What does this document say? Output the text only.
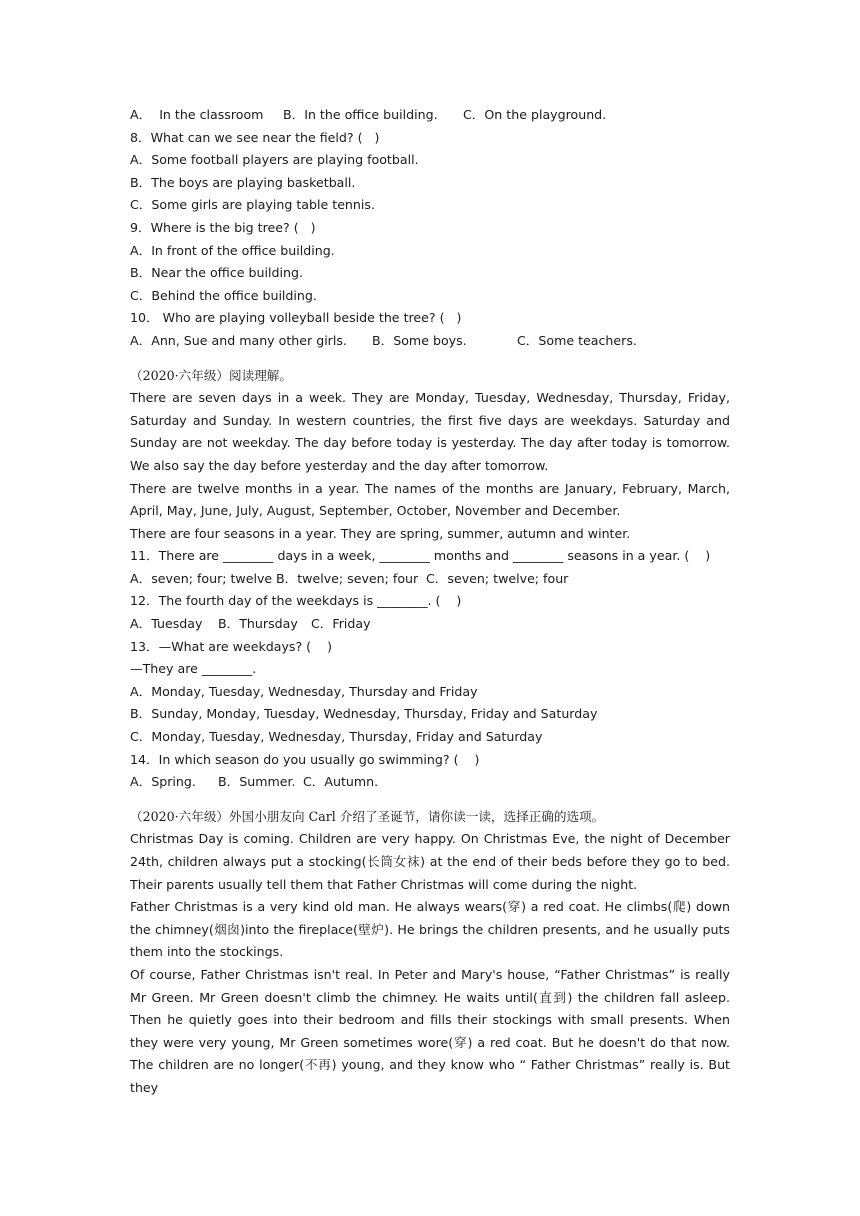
A．  In the classroom B．In the office building. C．On the playground.
8．What can we see near the field? (   )
A．Some football players are playing football.
B．The boys are playing basketball.
C．Some girls are playing table tennis.
9．Where is the big tree? (   )
A．In front of the office building.
B．Near the office building.
C．Behind the office building.
10． Who are playing volleyball beside the tree? (   )
A．Ann, Sue and many other girls. B．Some boys.	C．Some teachers.
（2020·六年级）阅读理解。
There are seven days in a week. They are Monday, Tuesday, Wednesday, Thursday, Friday, Saturday and Sunday. In western countries, the first five days are weekdays. Saturday and Sunday are not weekday. The day before today is yesterday. The day after today is tomorrow. We also say the day before yesterday and the day after tomorrow.
There are twelve months in a year. The names of the months are January, February, March, April, May, June, July, August, September, October, November and December.
There are four seasons in a year. They are spring, summer, autumn and winter.
11．There are ________ days in a week, ________ months and ________ seasons in a year. (    )
A．seven; four; twelve B．twelve; seven; four C．seven; twelve; four
12．The fourth day of the weekdays is ________. (    )
A．Tuesday B．Thursday C．Friday
13．—What are weekdays? (    )
—They are ________.
A．Monday, Tuesday, Wednesday, Thursday and Friday
B．Sunday, Monday, Tuesday, Wednesday, Thursday, Friday and Saturday
C．Monday, Tuesday, Wednesday, Thursday, Friday and Saturday
14．In which season do you usually go swimming? (    )
A．Spring. B．Summer. C．Autumn.
（2020·六年级）外国小朋友向 Carl 介绍了圣诞节，请你读一读，选择正确的选项。
Christmas Day is coming. Children are very happy. On Christmas Eve, the night of December 24th, children always put a stocking(长筒女袜) at the end of their beds before they go to bed. Their parents usually tell them that Father Christmas will come during the night.
Father Christmas is a very kind old man. He always wears(穿) a red coat. He climbs(爬) down the chimney(烟囱)into the fireplace(壁炉). He brings the children presents, and he usually puts them into the stockings.
Of course, Father Christmas isn't real. In Peter and Mary's house, “Father Christmas” is really Mr Green. Mr Green doesn't climb the chimney. He waits until(直到) the children fall asleep. Then he quietly goes into their bedroom and fills their stockings with small presents. When they were very young, Mr Green sometimes wore(穿) a red coat. But he doesn't do that now. The children are no longer(不再) young, and they know who “ Father Christmas” really is. But they
